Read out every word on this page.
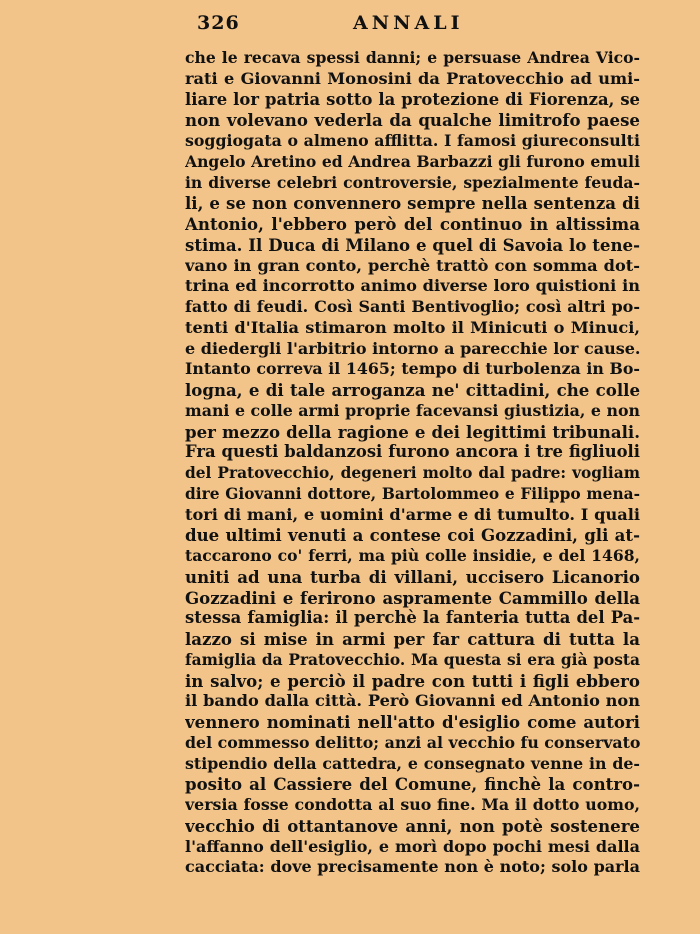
326	ANNALI
che le recava spessi danni; e persuase Andrea Vico-
rati e Giovanni Monosini da Pratovecchio ad umi-
liare lor patria sotto la protezione di Fiorenza, se
non volevano vederla da qualche limitrofo paese
soggiogata o almeno afflitta. I famosi giureconsulti
Angelo Aretino ed Andrea Barbazzi gli furono emuli
in diverse celebri controversie, spezialmente feuda-
li, e se non convennero sempre nella sentenza di
Antonio, l'ebbero però del continuo in altissima
stima. Il Duca di Milano e quel di Savoia lo tene-
vano in gran conto, perchè trattò con somma dot-
trina ed incorrotto animo diverse loro quistioni in
fatto di feudi. Così Santi Bentivoglio; così altri po-
tenti d'Italia stimaron molto il Minicuti o Minuci,
e diedergli l'arbitrio intorno a parecchie lor cause.
Intanto correva il 1465; tempo di turbolenza in Bo-
logna, e di tale arroganza ne' cittadini, che colle
mani e colle armi proprie facevansi giustizia, e non
per mezzo della ragione e dei legittimi tribunali.
Fra questi baldanzosi furono ancora i tre figliuoli
del Pratovecchio, degeneri molto dal padre: vogliam
dire Giovanni dottore, Bartolommeo e Filippo mena-
tori di mani, e uomini d'arme e di tumulto. I quali
due ultimi venuti a contese coi Gozzadini, gli at-
taccarono co' ferri, ma più colle insidie, e del 1468,
uniti ad una turba di villani, uccisero Licanorio
Gozzadini e ferirono aspramente Cammillo della
stessa famiglia: il perchè la fanteria tutta del Pa-
lazzo si mise in armi per far cattura di tutta la
famiglia da Pratovecchio. Ma questa si era già posta
in salvo; e perciò il padre con tutti i figli ebbero
il bando dalla città. Però Giovanni ed Antonio non
vennero nominati nell'atto d'esiglio come autori
del commesso delitto; anzi al vecchio fu conservato
stipendio della cattedra, e consegnato venne in de-
posito al Cassiere del Comune, finchè la contro-
versia fosse condotta al suo fine. Ma il dotto uomo,
vecchio di ottantanove anni, non potè sostenere
l'affanno dell'esiglio, e morì dopo pochi mesi dalla
cacciata: dove precisamente non è noto; solo parla
